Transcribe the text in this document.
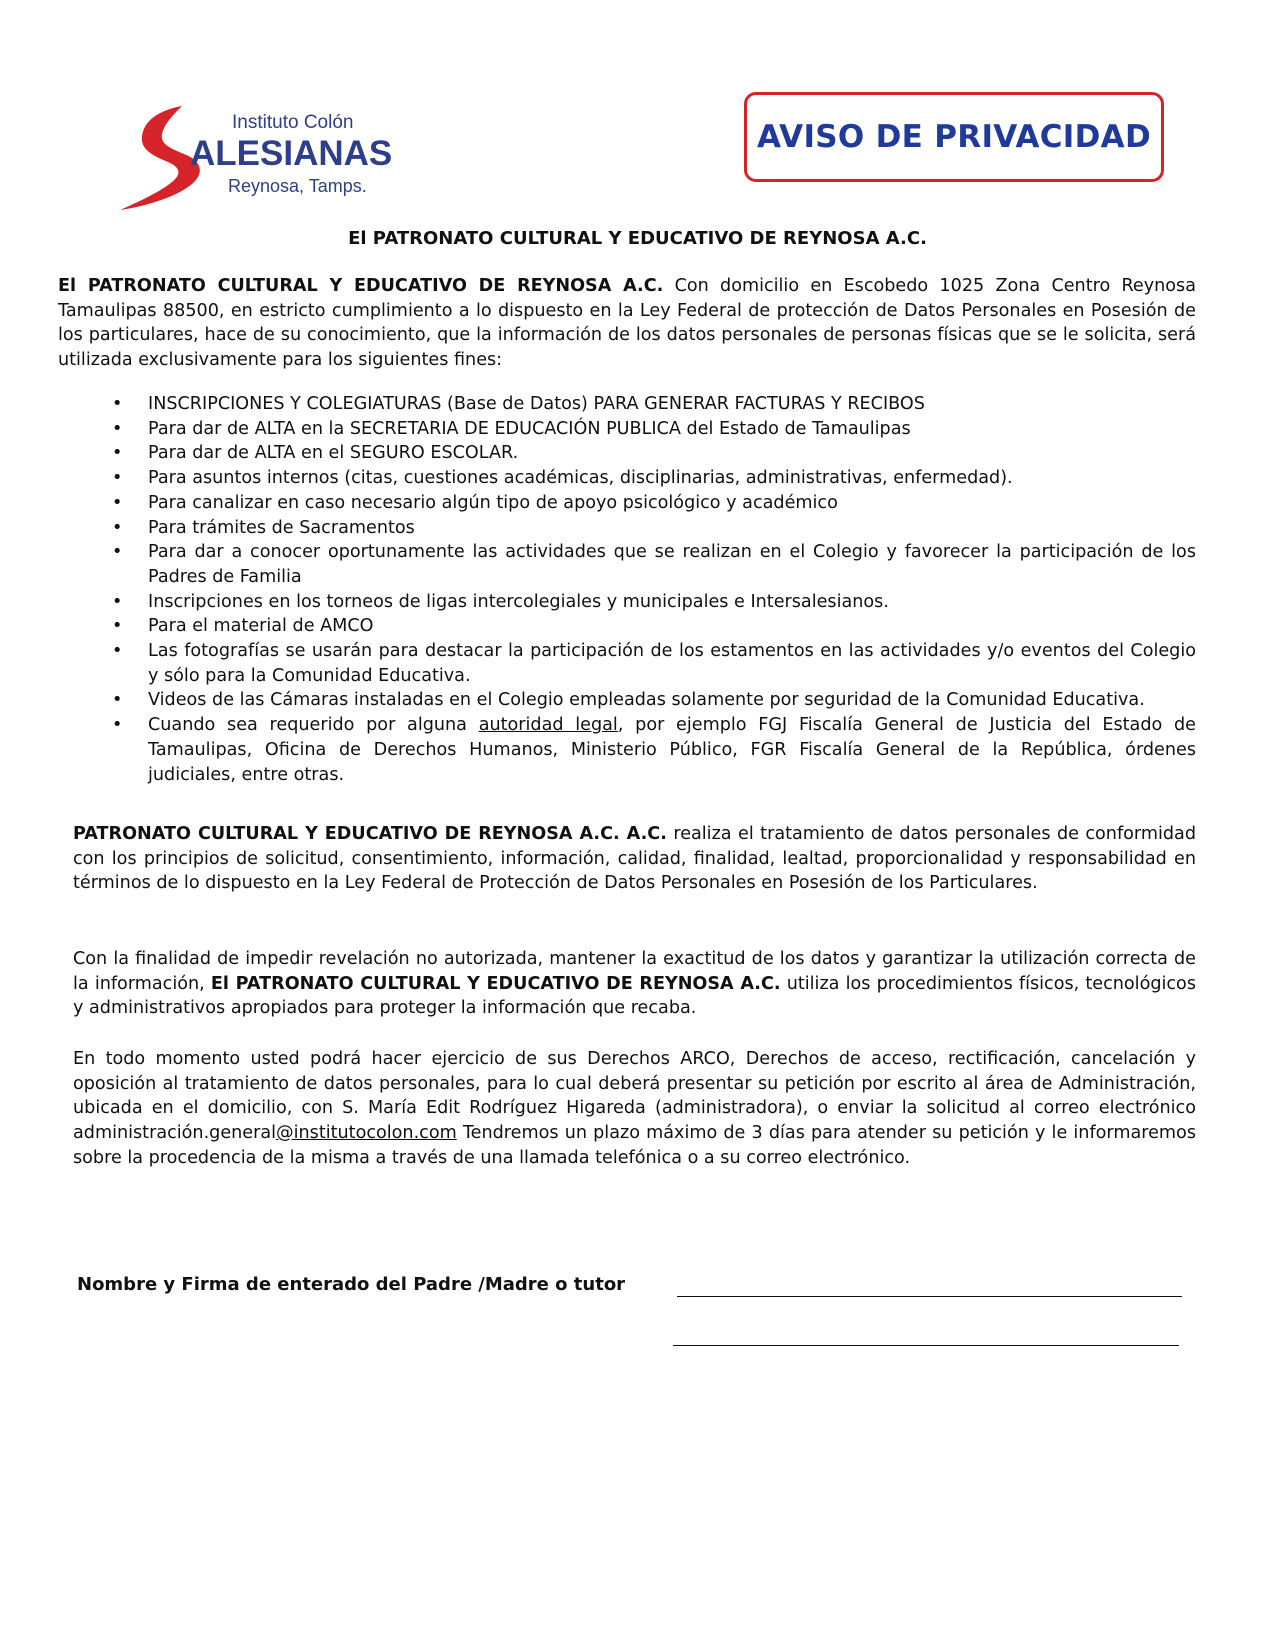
Instituto Colón
ALESIANAS
Reynosa, Tamps.
AVISO DE PRIVACIDAD
El PATRONATO CULTURAL Y EDUCATIVO DE REYNOSA A.C.
El PATRONATO CULTURAL Y EDUCATIVO DE REYNOSA A.C. Con domicilio en Escobedo 1025 Zona Centro Reynosa Tamaulipas 88500, en estricto cumplimiento a lo dispuesto en la Ley Federal de protección de Datos Personales en Posesión de los particulares, hace de su conocimiento, que la información de los datos personales de personas físicas que se le solicita, será utilizada exclusivamente para los siguientes fines:
• INSCRIPCIONES Y COLEGIATURAS (Base de Datos) PARA GENERAR FACTURAS Y RECIBOS
• Para dar de ALTA en la SECRETARIA DE EDUCACIÓN PUBLICA del Estado de Tamaulipas
• Para dar de ALTA en el SEGURO ESCOLAR.
• Para asuntos internos (citas, cuestiones académicas, disciplinarias, administrativas, enfermedad).
• Para canalizar en caso necesario algún tipo de apoyo psicológico y académico
• Para trámites de Sacramentos
• Para dar a conocer oportunamente las actividades que se realizan en el Colegio y favorecer la participación de los Padres de Familia
• Inscripciones en los torneos de ligas intercolegiales y municipales e Intersalesianos.
• Para el material de AMCO
• Las fotografías se usarán para destacar la participación de los estamentos en las actividades y/o eventos del Colegio y sólo para la Comunidad Educativa.
• Videos de las Cámaras instaladas en el Colegio empleadas solamente por seguridad de la Comunidad Educativa.
• Cuando sea requerido por alguna autoridad legal, por ejemplo FGJ Fiscalía General de Justicia del Estado de Tamaulipas, Oficina de Derechos Humanos, Ministerio Público, FGR Fiscalía General de la República, órdenes judiciales, entre otras.
PATRONATO CULTURAL Y EDUCATIVO DE REYNOSA A.C. A.C. realiza el tratamiento de datos personales de conformidad con los principios de solicitud, consentimiento, información, calidad, finalidad, lealtad, proporcionalidad y responsabilidad en términos de lo dispuesto en la Ley Federal de Protección de Datos Personales en Posesión de los Particulares.
Con la finalidad de impedir revelación no autorizada, mantener la exactitud de los datos y garantizar la utilización correcta de la información, El PATRONATO CULTURAL Y EDUCATIVO DE REYNOSA A.C. utiliza los procedimientos físicos, tecnológicos y administrativos apropiados para proteger la información que recaba.
En todo momento usted podrá hacer ejercicio de sus Derechos ARCO, Derechos de acceso, rectificación, cancelación y oposición al tratamiento de datos personales, para lo cual deberá presentar su petición por escrito al área de Administración, ubicada en el domicilio, con S. María Edit Rodríguez Higareda (administradora), o enviar la solicitud al correo electrónico administración.general@institutocolon.com Tendremos un plazo máximo de 3 días para atender su petición y le informaremos sobre la procedencia de la misma a través de una llamada telefónica o a su correo electrónico.
Nombre y Firma de enterado del Padre /Madre o tutor
